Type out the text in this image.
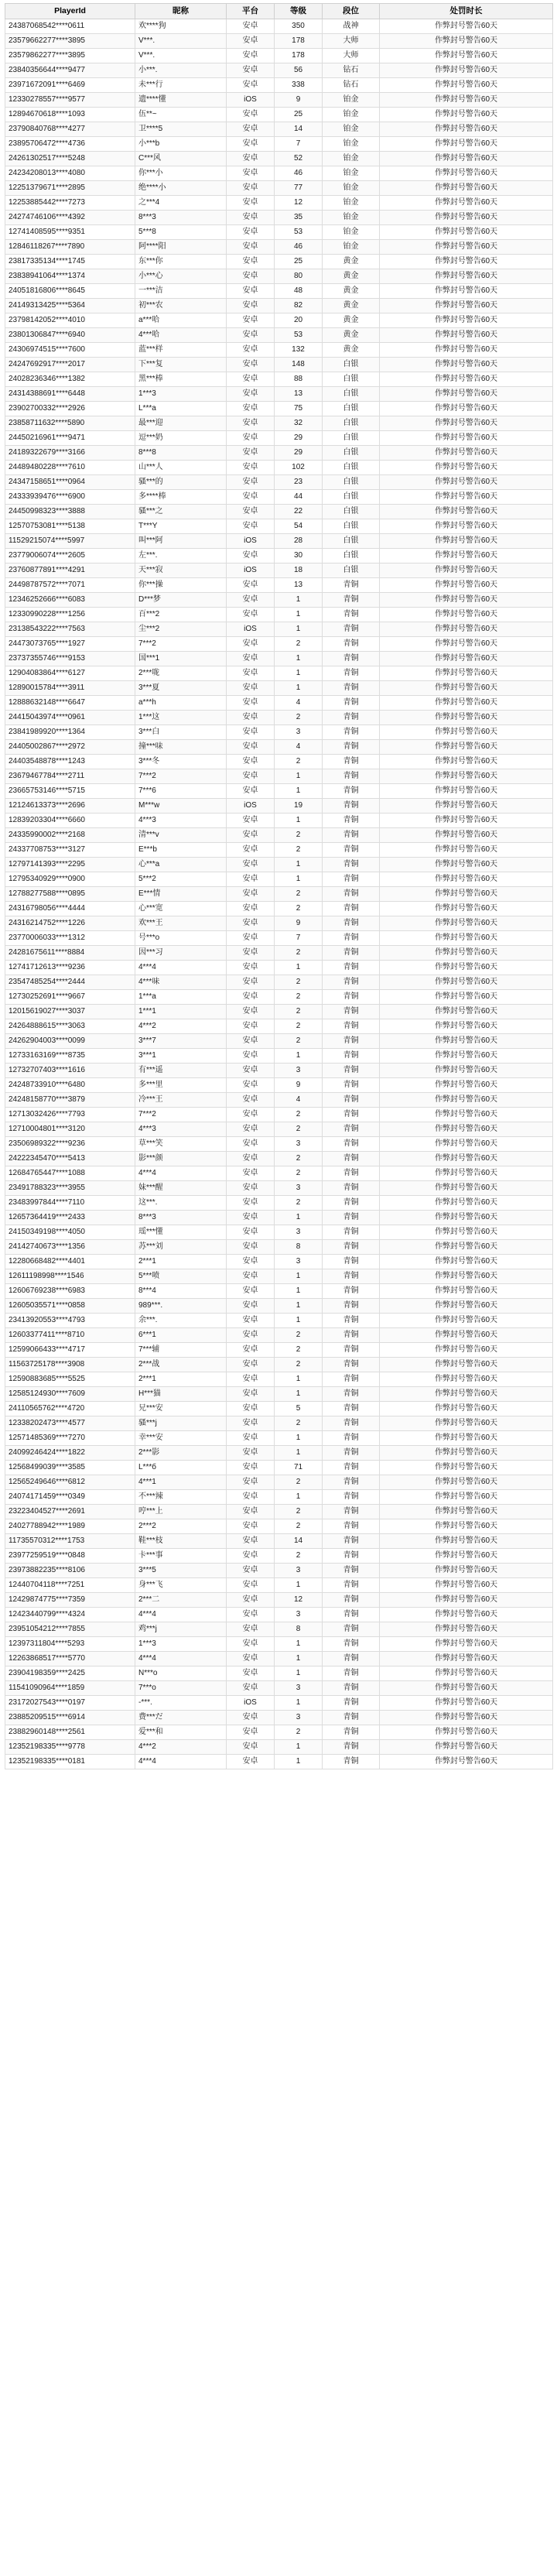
PlayerId	昵称	平台	等级	段位	处罚时长
24387068542****0611	欢****狗	安卓	350	战神	作弊封号警告60天
23579662277****3895	V***.	安卓	178	大师	作弊封号警告60天
23579862277****3895	V***.	安卓	178	大师	作弊封号警告60天
23840356644****9477	小***.	安卓	56	钻石	作弊封号警告60天
23971672091****6469	未***行	安卓	338	钻石	作弊封号警告60天
12330278557****9577	遗****懂	iOS	9	铂金	作弊封号警告60天
12894670618****1093	伍**~	安卓	25	铂金	作弊封号警告60天
23790840768****4277	卫****5	安卓	14	铂金	作弊封号警告60天
23895706472****4736	小***b	安卓	7	铂金	作弊封号警告60天
24261302517****5248	C***风	安卓	52	铂金	作弊封号警告60天
24234208013****4080	你***小	安卓	46	铂金	作弊封号警告60天
12251379671****2895	绝****小	安卓	77	铂金	作弊封号警告60天
12253885442****7273	之***4	安卓	12	铂金	作弊封号警告60天
24274746106****4392	8***3	安卓	35	铂金	作弊封号警告60天
12741408595****9351	5***8	安卓	53	铂金	作弊封号警告60天
12846118267****7890	阿****阳	安卓	46	铂金	作弊封号警告60天
23817335134****1745	东***你	安卓	25	黄金	作弊封号警告60天
23838941064****1374	小***心	安卓	80	黄金	作弊封号警告60天
24051816806****8645	一***洁	安卓	48	黄金	作弊封号警告60天
24149313425****5364	初***农	安卓	82	黄金	作弊封号警告60天
23798142052****4010	a***哈	安卓	20	黄金	作弊封号警告60天
23801306847****6940	4***哈	安卓	53	黄金	作弊封号警告60天
24306974515****7600	蓝***样	安卓	132	黄金	作弊封号警告60天
24247692917****2017	下***复	安卓	148	白银	作弊封号警告60天
24028236346****1382	黑***棒	安卓	88	白银	作弊封号警告60天
24314388691****6448	1***3	安卓	13	白银	作弊封号警告60天
23902700332****2926	L***a	安卓	75	白银	作弊封号警告60天
23858711632****5890	最***迎	安卓	32	白银	作弊封号警告60天
24450216961****9471	逗***奶	安卓	29	白银	作弊封号警告60天
24189322679****3166	8***8	安卓	29	白银	作弊封号警告60天
24489480228****7610	山***人	安卓	102	白银	作弊封号警告60天
24347158651****0964	骚***的	安卓	23	白银	作弊封号警告60天
24333939476****6900	多****棒	安卓	44	白银	作弊封号警告60天
24450998323****3888	骚***之	安卓	22	白银	作弊封号警告60天
12570753081****5138	T***Y	安卓	54	白银	作弊封号警告60天
11529215074****5997	叫***阿	iOS	28	白银	作弊封号警告60天
23779006074****2605	左***.	安卓	30	白银	作弊封号警告60天
23760877891****4291	天***寂	iOS	18	白银	作弊封号警告60天
24498787572****7071	你***操	安卓	13	青铜	作弊封号警告60天
12346252666****6083	D***梦	安卓	1	青铜	作弊封号警告60天
12330990228****1256	百***2	安卓	1	青铜	作弊封号警告60天
23138543222****7563	尘***2	iOS	1	青铜	作弊封号警告60天
24473073765****1927	7***2	安卓	2	青铜	作弊封号警告60天
23737355746****9153	国***1	安卓	1	青铜	作弊封号警告60天
12904083864****6127	2***咙	安卓	1	青铜	作弊封号警告60天
12890015784****3911	3***夏	安卓	1	青铜	作弊封号警告60天
12888632148****6647	a***h	安卓	4	青铜	作弊封号警告60天
24415043974****0961	1***这	安卓	2	青铜	作弊封号警告60天
23841989920****1364	3***白	安卓	3	青铜	作弊封号警告60天
24405002867****2972	撞***味	安卓	4	青铜	作弊封号警告60天
24403548878****1243	3***冬	安卓	2	青铜	作弊封号警告60天
23679467784****2711	7***2	安卓	1	青铜	作弊封号警告60天
23665753146****5715	7***6	安卓	1	青铜	作弊封号警告60天
12124613373****2696	M***w	iOS	19	青铜	作弊封号警告60天
12839203304****6660	4***3	安卓	1	青铜	作弊封号警告60天
24335990002****2168	清***v	安卓	2	青铜	作弊封号警告60天
24337708753****3127	E***b	安卓	2	青铜	作弊封号警告60天
12797141393****2295	心***a	安卓	1	青铜	作弊封号警告60天
12795340929****0900	5***2	安卓	1	青铜	作弊封号警告60天
12788277588****0895	E***情	安卓	2	青铜	作弊封号警告60天
24316798056****4444	心***宽	安卓	2	青铜	作弊封号警告60天
24316214752****1226	欢***王	安卓	9	青铜	作弊封号警告60天
23770006033****1312	号***o	安卓	7	青铜	作弊封号警告60天
24281675611****8884	因***习	安卓	2	青铜	作弊封号警告60天
12741712613****9236	4***4	安卓	1	青铜	作弊封号警告60天
23547485254****2444	4***味	安卓	2	青铜	作弊封号警告60天
12730252691****9667	1***a	安卓	2	青铜	作弊封号警告60天
12015619027****3037	1***1	安卓	2	青铜	作弊封号警告60天
24264888615****3063	4***2	安卓	2	青铜	作弊封号警告60天
24262904003****0099	3***7	安卓	2	青铜	作弊封号警告60天
12733163169****8735	3***1	安卓	1	青铜	作弊封号警告60天
12732707403****1616	有***遥	安卓	3	青铜	作弊封号警告60天
24248733910****6480	多***里	安卓	9	青铜	作弊封号警告60天
24248158770****3879	冷***王	安卓	4	青铜	作弊封号警告60天
12713032426****7793	7***2	安卓	2	青铜	作弊封号警告60天
12710004801****3120	4***3	安卓	2	青铜	作弊封号警告60天
23506989322****9236	草***笑	安卓	3	青铜	作弊封号警告60天
24222345470****5413	影***颜	安卓	2	青铜	作弊封号警告60天
12684765447****1088	4***4	安卓	2	青铜	作弊封号警告60天
23491788323****3955	妹***醒	安卓	3	青铜	作弊封号警告60天
23483997844****7110	这***.	安卓	2	青铜	作弊封号警告60天
12657364419****2433	8***3	安卓	1	青铜	作弊封号警告60天
24150349198****4050	瑶***懂	安卓	3	青铜	作弊封号警告60天
24142740673****1356	苏***刘	安卓	8	青铜	作弊封号警告60天
12280668482****4401	2***1	安卓	3	青铜	作弊封号警告60天
12611198998****1546	5***喷	安卓	1	青铜	作弊封号警告60天
12606769238****6983	8***4	安卓	1	青铜	作弊封号警告60天
12605035571****0858	989***.	安卓	1	青铜	作弊封号警告60天
23413920553****4793	余***.	安卓	1	青铜	作弊封号警告60天
12603377411****8710	6***1	安卓	2	青铜	作弊封号警告60天
12599066433****4717	7***辅	安卓	2	青铜	作弊封号警告60天
11563725178****3908	2***战	安卓	2	青铜	作弊封号警告60天
12590883685****5525	2***1	安卓	1	青铜	作弊封号警告60天
12585124930****7609	H***猫	安卓	1	青铜	作弊封号警告60天
24110565762****4720	兄***安	安卓	5	青铜	作弊封号警告60天
12338202473****4577	骚***j	安卓	2	青铜	作弊封号警告60天
12571485369****7270	幸***安	安卓	1	青铜	作弊封号警告60天
24099246424****1822	2***影	安卓	1	青铜	作弊封号警告60天
12568499039****3585	L***б	安卓	71	青铜	作弊封号警告60天
12565249646****6812	4***1	安卓	2	青铜	作弊封号警告60天
24074171459****0349	不***辣	安卓	1	青铜	作弊封号警告60天
23223404527****2691	哼***上	安卓	2	青铜	作弊封号警告60天
24027788942****1989	2***2	安卓	2	青铜	作弊封号警告60天
11735570312****1753	鞋***枝	安卓	14	青铜	作弊封号警告60天
23977259519****0848	卡***事	安卓	2	青铜	作弊封号警告60天
23973882235****8106	3***5	安卓	3	青铜	作弊封号警告60天
12440704118****7251	身***飞	安卓	1	青铜	作弊封号警告60天
12429874775****7359	2***二	安卓	12	青铜	作弊封号警告60天
12423440799****4324	4***4	安卓	3	青铜	作弊封号警告60天
23951054212****7855	鸡***j	安卓	8	青铜	作弊封号警告60天
12397311804****5293	1***3	安卓	1	青铜	作弊封号警告60天
12263868517****5770	4***4	安卓	1	青铜	作弊封号警告60天
23904198359****2425	N***o	安卓	1	青铜	作弊封号警告60天
11541090964****1859	7***o	安卓	3	青铜	作弊封号警告60天
23172027543****0197	-***.	iOS	1	青铜	作弊封号警告60天
23885209515****6914	费***だ	安卓	3	青铜	作弊封号警告60天
23882960148****2561	爱***和	安卓	2	青铜	作弊封号警告60天
12352198335****9778	4***2	安卓	1	青铜	作弊封号警告60天
12352198335****0181	4***4	安卓	1	青铜	作弊封号警告60天
